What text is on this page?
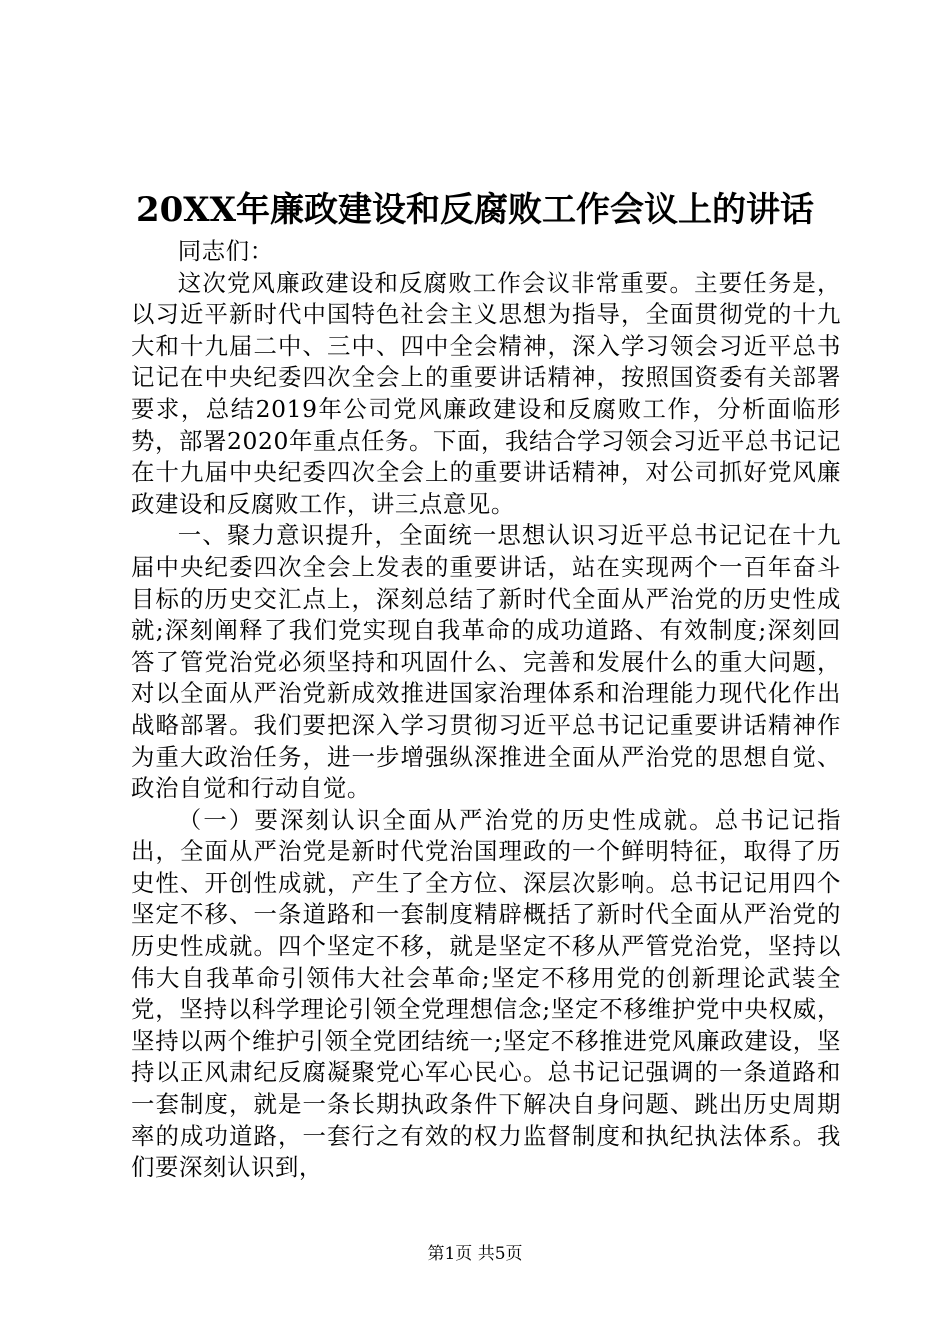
20XX年廉政建设和反腐败工作会议上的讲话

同志们：

这次党风廉政建设和反腐败工作会议非常重要。主要任务是，以习近平新时代中国特色社会主义思想为指导，全面贯彻党的十九大和十九届二中、三中、四中全会精神，深入学习领会习近平总书记记在中央纪委四次全会上的重要讲话精神，按照国资委有关部署要求，总结2019年公司党风廉政建设和反腐败工作，分析面临形势，部署2020年重点任务。下面，我结合学习领会习近平总书记记在十九届中央纪委四次全会上的重要讲话精神，对公司抓好党风廉政建设和反腐败工作，讲三点意见。

一、聚力意识提升，全面统一思想认识习近平总书记记在十九届中央纪委四次全会上发表的重要讲话，站在实现两个一百年奋斗目标的历史交汇点上，深刻总结了新时代全面从严治党的历史性成就;深刻阐释了我们党实现自我革命的成功道路、有效制度;深刻回答了管党治党必须坚持和巩固什么、完善和发展什么的重大问题，对以全面从严治党新成效推进国家治理体系和治理能力现代化作出战略部署。我们要把深入学习贯彻习近平总书记记重要讲话精神作为重大政治任务，进一步增强纵深推进全面从严治党的思想自觉、政治自觉和行动自觉。

（一）要深刻认识全面从严治党的历史性成就。总书记记指出，全面从严治党是新时代党治国理政的一个鲜明特征，取得了历史性、开创性成就，产生了全方位、深层次影响。总书记记用四个坚定不移、一条道路和一套制度精辟概括了新时代全面从严治党的历史性成就。四个坚定不移，就是坚定不移从严管党治党，坚持以伟大自我革命引领伟大社会革命;坚定不移用党的创新理论武装全党，坚持以科学理论引领全党理想信念;坚定不移维护党中央权威，坚持以两个维护引领全党团结统一;坚定不移推进党风廉政建设，坚持以正风肃纪反腐凝聚党心军心民心。总书记记强调的一条道路和一套制度，就是一条长期执政条件下解决自身问题、跳出历史周期率的成功道路，一套行之有效的权力监督制度和执纪执法体系。我们要深刻认识到，

第1页 共5页
